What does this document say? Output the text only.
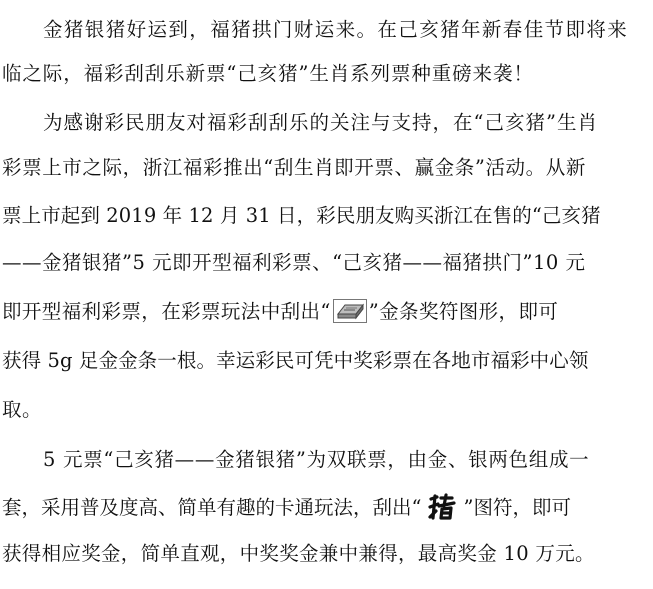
金猪银猪好运到，福猪拱门财运来。在己亥猪年新春佳节即将来
临之际，福彩刮刮乐新票“己亥猪”生肖系列票种重磅来袭！
为感谢彩民朋友对福彩刮刮乐的关注与支持，在“己亥猪”生肖
彩票上市之际，浙江福彩推出“刮生肖即开票、赢金条”活动。从新
票上市起到 2019 年 12 月 31 日，彩民朋友购买浙江在售的“己亥猪
——金猪银猪”5 元即开型福利彩票、“己亥猪——福猪拱门”10 元
即开型福利彩票，在彩票玩法中刮出“ ”金条奖符图形，即可
获得 5g 足金金条一根。幸运彩民可凭中奖彩票在各地市福彩中心领
取。
5 元票“己亥猪——金猪银猪”为双联票，由金、银两色组成一
套，采用普及度高、简单有趣的卡通玩法，刮出“ ”图符，即可
获得相应奖金，简单直观，中奖奖金兼中兼得，最高奖金 10 万元。
